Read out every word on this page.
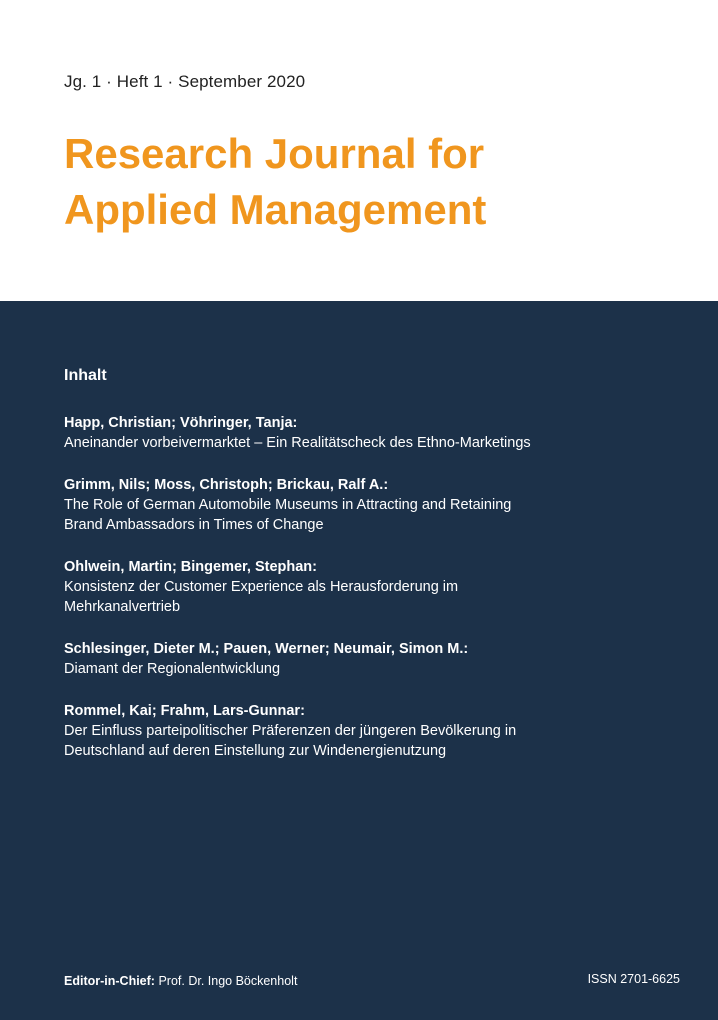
Jg. 1 · Heft 1 · September 2020
Research Journal for
Applied Management
Inhalt
Happ, Christian; Vöhringer, Tanja:
Aneinander vorbeivermarktet – Ein Realitätscheck des Ethno-Marketings
Grimm, Nils; Moss, Christoph; Brickau, Ralf A.:
The Role of German Automobile Museums in Attracting and Retaining Brand Ambassadors in Times of Change
Ohlwein, Martin; Bingemer, Stephan:
Konsistenz der Customer Experience als Herausforderung im Mehrkanalvertrieb
Schlesinger, Dieter M.; Pauen, Werner; Neumair, Simon M.:
Diamant der Regionalentwicklung
Rommel, Kai; Frahm, Lars-Gunnar:
Der Einfluss parteipolitischer Präferenzen der jüngeren Bevölkerung in Deutschland auf deren Einstellung zur Windenergienutzung
Editor-in-Chief: Prof. Dr. Ingo Böckenholt	ISSN 2701-6625
